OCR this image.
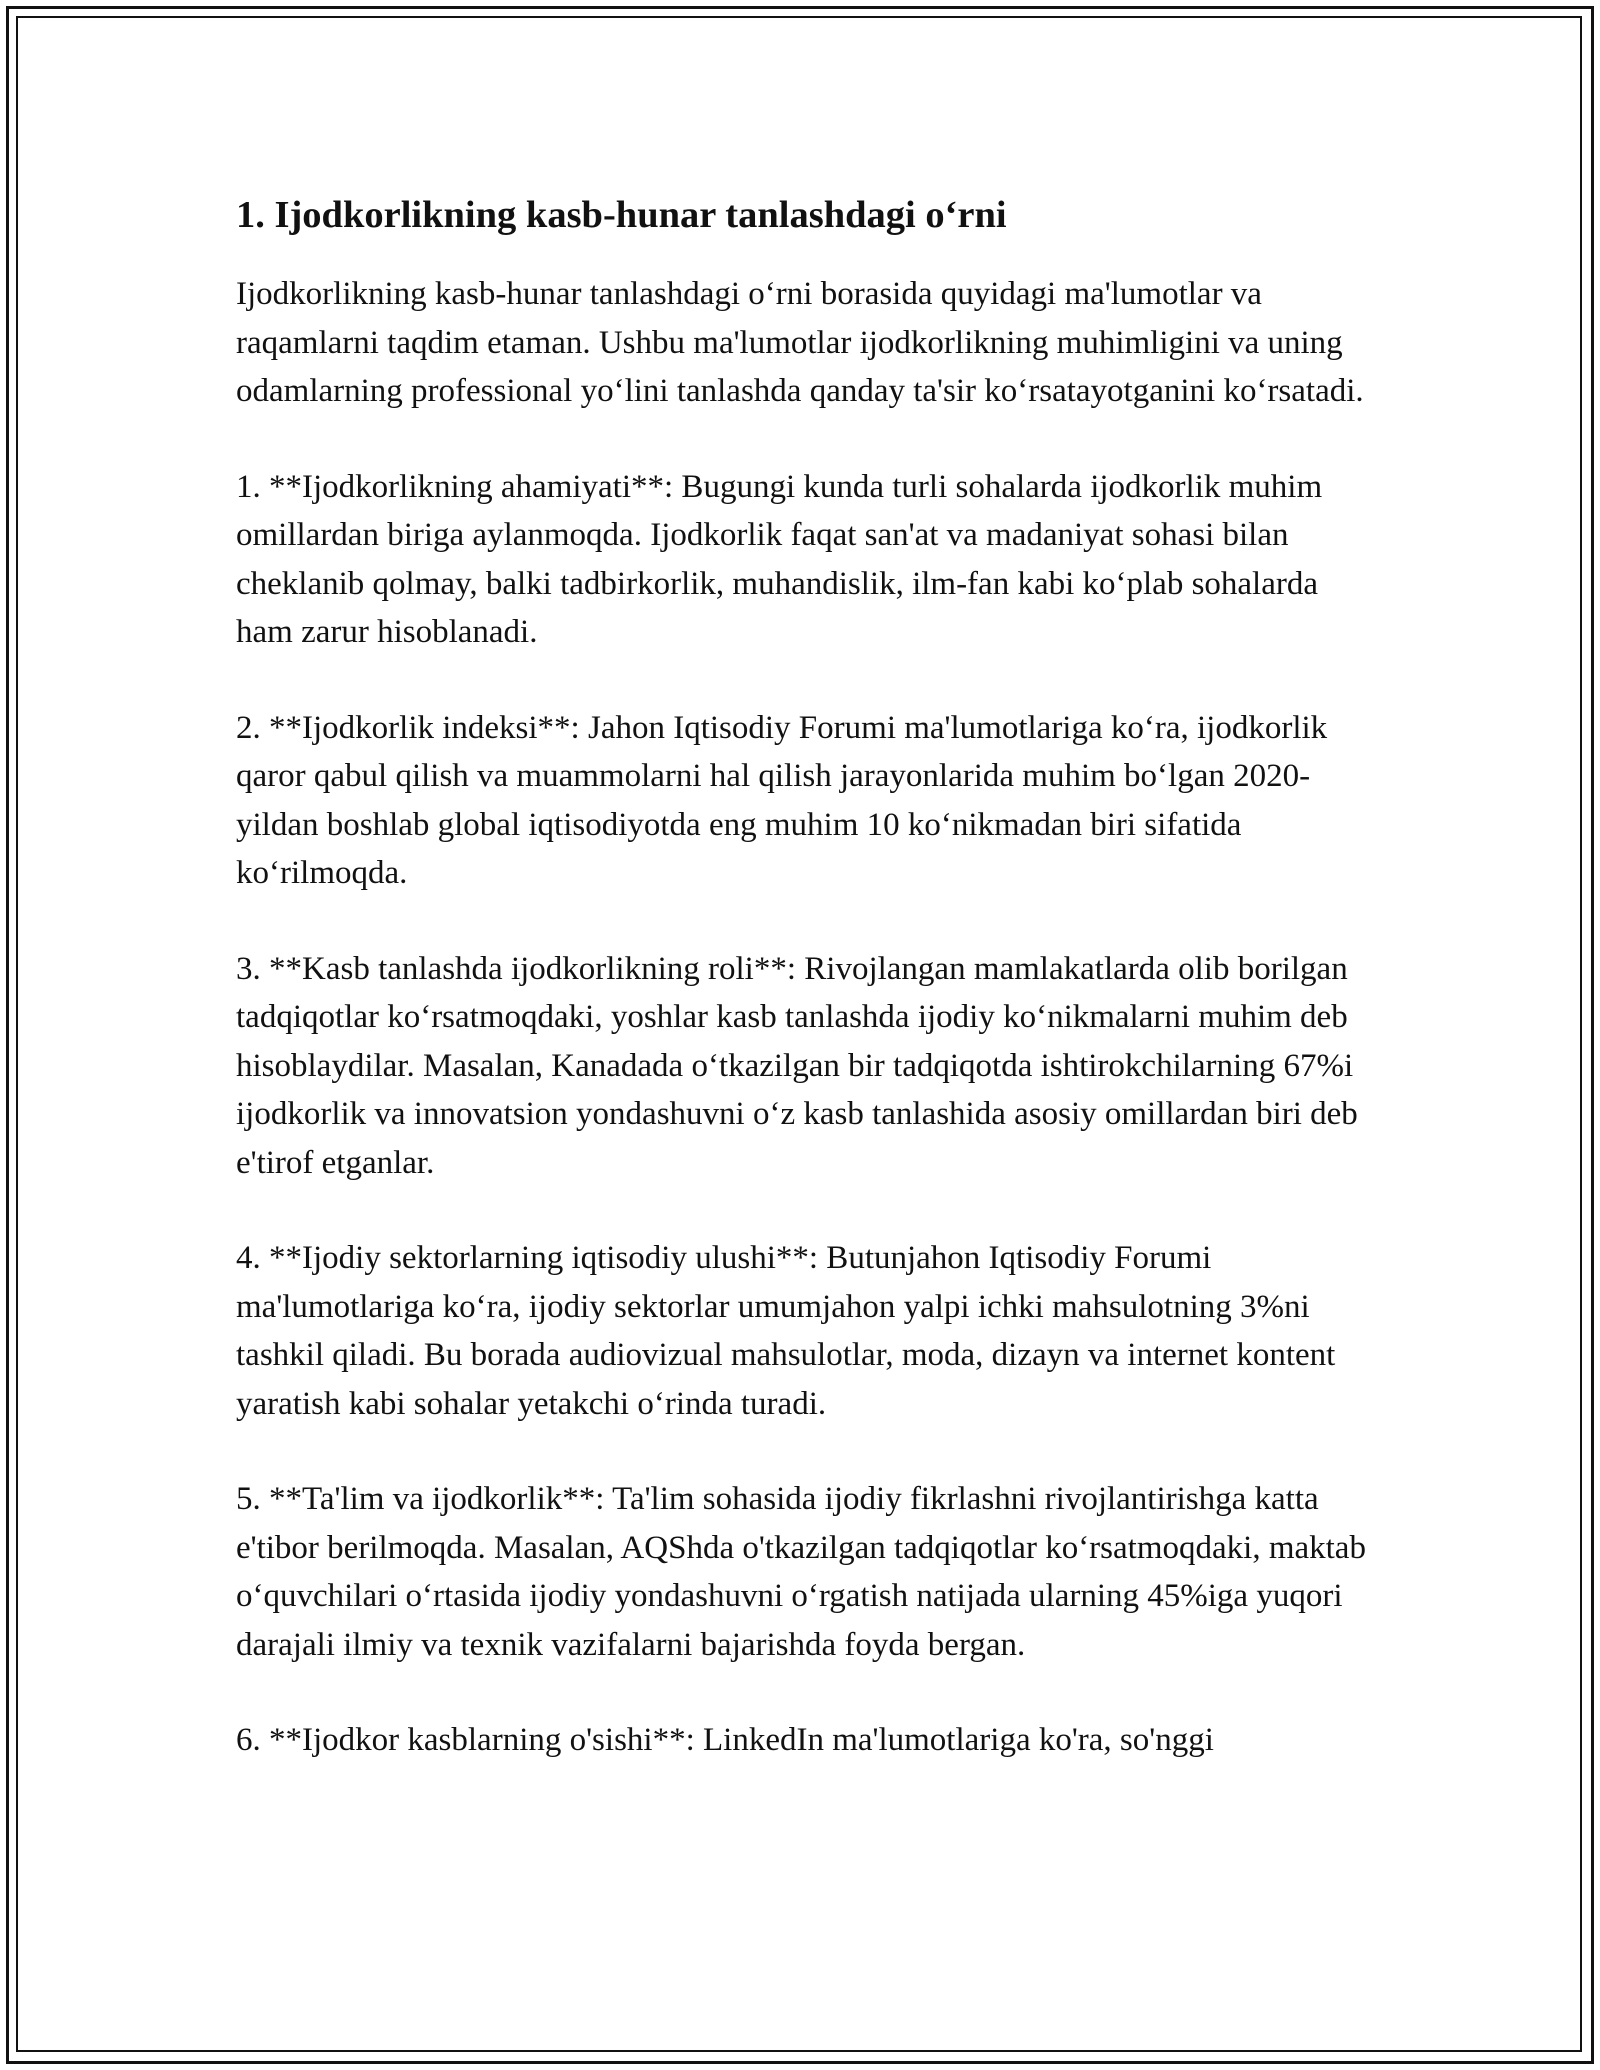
1. Ijodkorlikning kasb-hunar tanlashdagi o‘rni

Ijodkorlikning kasb-hunar tanlashdagi o‘rni borasida quyidagi ma'lumotlar va raqamlarni taqdim etaman. Ushbu ma'lumotlar ijodkorlikning muhimligini va uning odamlarning professional yo‘lini tanlashda qanday ta'sir ko‘rsatayotganini ko‘rsatadi.

1. **Ijodkorlikning ahamiyati**: Bugungi kunda turli sohalarda ijodkorlik muhim omillardan biriga aylanmoqda. Ijodkorlik faqat san'at va madaniyat sohasi bilan cheklanib qolmay, balki tadbirkorlik, muhandislik, ilm-fan kabi ko‘plab sohalarda ham zarur hisoblanadi.

2. **Ijodkorlik indeksi**: Jahon Iqtisodiy Forumi ma'lumotlariga ko‘ra, ijodkorlik qaror qabul qilish va muammolarni hal qilish jarayonlarida muhim bo‘lgan 2020-yildan boshlab global iqtisodiyotda eng muhim 10 ko‘nikmadan biri sifatida ko‘rilmoqda.

3. **Kasb tanlashda ijodkorlikning roli**: Rivojlangan mamlakatlarda olib borilgan tadqiqotlar ko‘rsatmoqdaki, yoshlar kasb tanlashda ijodiy ko‘nikmalarni muhim deb hisoblaydilar. Masalan, Kanadada o‘tkazilgan bir tadqiqotda ishtirokchilarning 67%i ijodkorlik va innovatsion yondashuvni o‘z kasb tanlashida asosiy omillardan biri deb e'tirof etganlar.

4. **Ijodiy sektorlarning iqtisodiy ulushi**: Butunjahon Iqtisodiy Forumi ma'lumotlariga ko‘ra, ijodiy sektorlar umumjahon yalpi ichki mahsulotning 3%ni tashkil qiladi. Bu borada audiovizual mahsulotlar, moda, dizayn va internet kontent yaratish kabi sohalar yetakchi o‘rinda turadi.

5. **Ta'lim va ijodkorlik**: Ta'lim sohasida ijodiy fikrlashni rivojlantirishga katta e'tibor berilmoqda. Masalan, AQShda o'tkazilgan tadqiqotlar ko‘rsatmoqdaki, maktab o‘quvchilari o‘rtasida ijodiy yondashuvni o‘rgatish natijada ularning 45%iga yuqori darajali ilmiy va texnik vazifalarni bajarishda foyda bergan.

6. **Ijodkor kasblarning o'sishi**: LinkedIn ma'lumotlariga ko'ra, so'nggi
